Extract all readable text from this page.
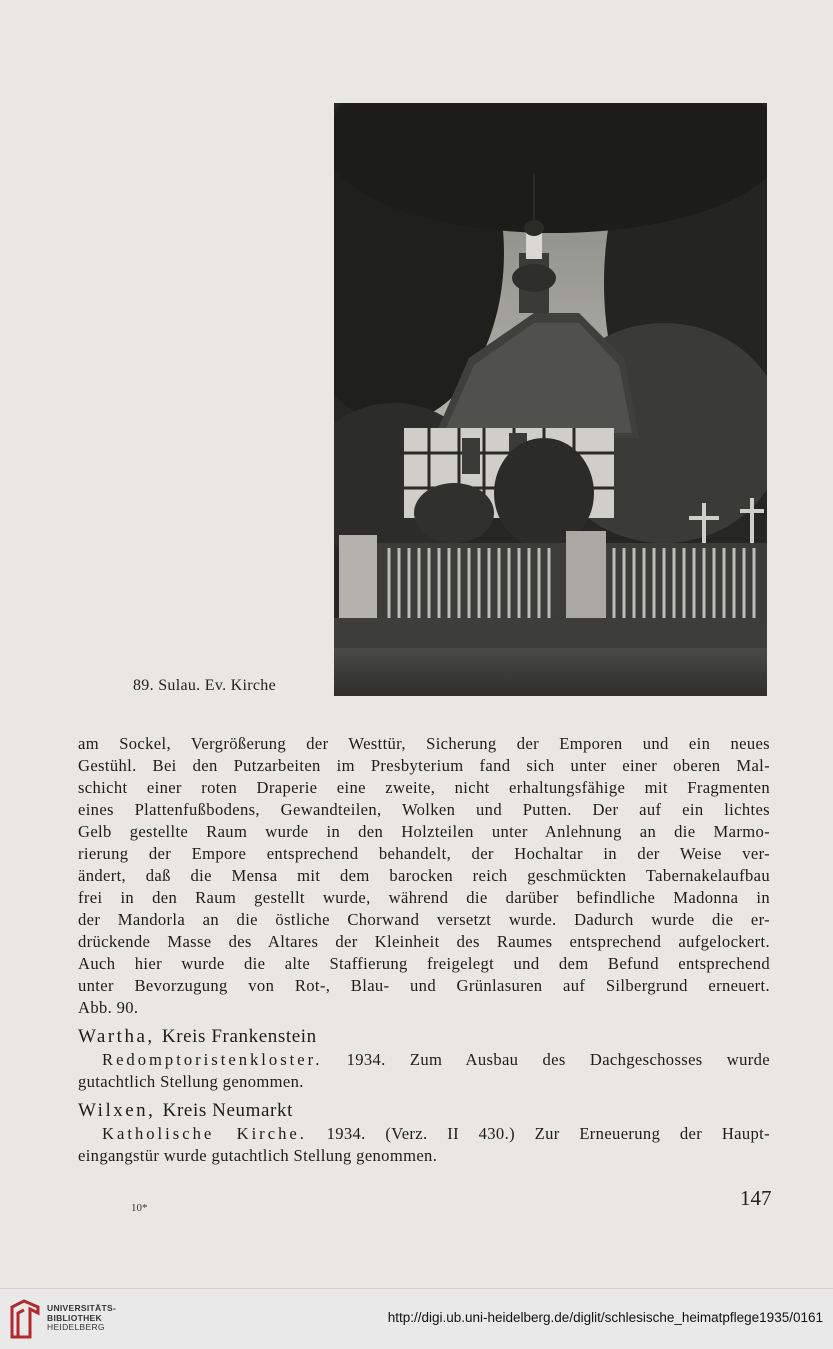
89. Sulau. Ev. Kirche
am Sockel, Vergrößerung der Westtür, Sicherung der Emporen und ein neues
Gestühl. Bei den Putzarbeiten im Presbyterium fand sich unter einer oberen Mal-
schicht einer roten Draperie eine zweite, nicht erhaltungsfähige mit Fragmenten
eines Plattenfußbodens, Gewandteilen, Wolken und Putten. Der auf ein lichtes
Gelb gestellte Raum wurde in den Holzteilen unter Anlehnung an die Marmo-
rierung der Empore entsprechend behandelt, der Hochaltar in der Weise ver-
ändert, daß die Mensa mit dem barocken reich geschmückten Tabernakelaufbau
frei in den Raum gestellt wurde, während die darüber befindliche Madonna in
der Mandorla an die östliche Chorwand versetzt wurde. Dadurch wurde die er-
drückende Masse des Altares der Kleinheit des Raumes entsprechend aufgelockert.
Auch hier wurde die alte Staffierung freigelegt und dem Befund entsprechend
unter Bevorzugung von Rot-, Blau- und Grünlasuren auf Silbergrund erneuert.
Abb. 90.
Wartha, Kreis Frankenstein
Redomptoristenkloster. 1934. Zum Ausbau des Dachgeschosses wurde
gutachtlich Stellung genommen.
Wilxen, Kreis Neumarkt
Katholische Kirche. 1934. (Verz. II 430.) Zur Erneuerung der Haupt-
eingangstür wurde gutachtlich Stellung genommen.
10*	147
UNIVERSITÄTS-
BIBLIOTHEK
HEIDELBERG
http://digi.ub.uni-heidelberg.de/diglit/schlesische_heimatpflege1935/0161
